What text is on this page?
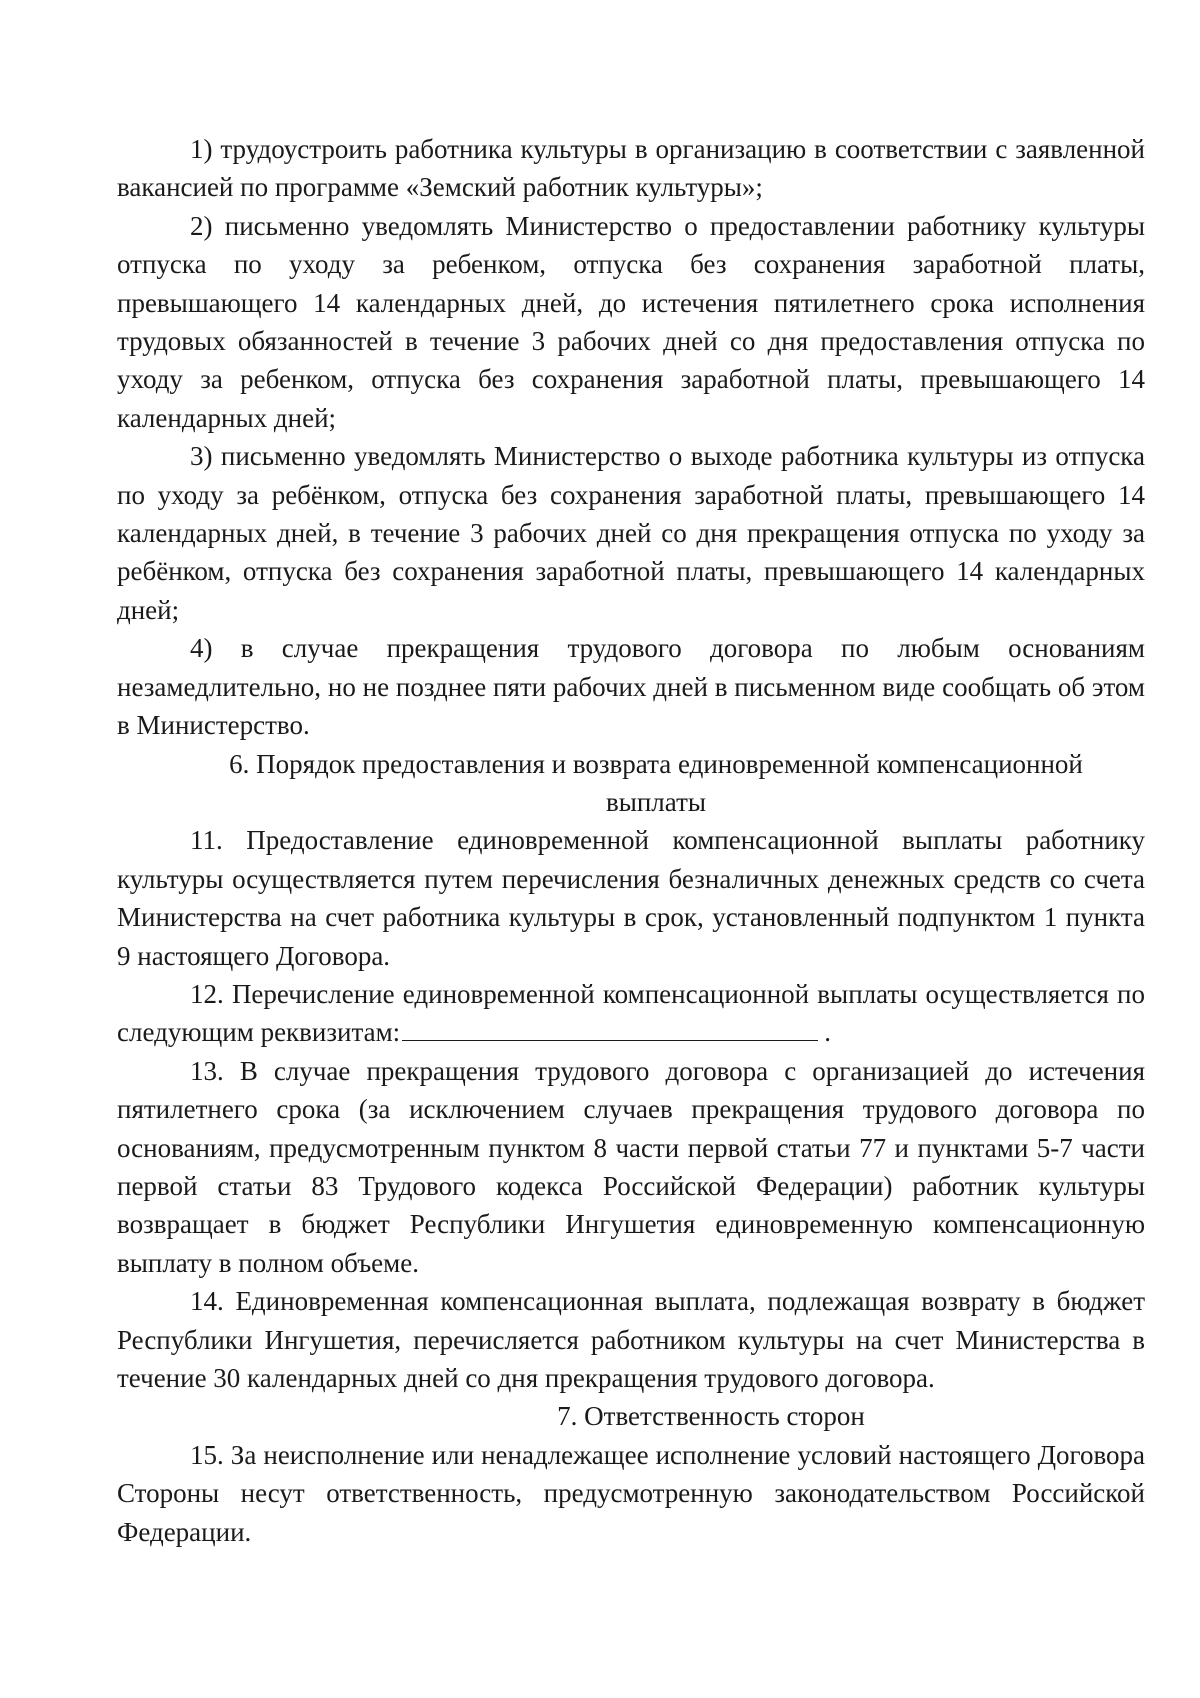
1) трудоустроить работника культуры в организацию в соответствии с заявленной вакансией по программе «Земский работник культуры»;

2) письменно уведомлять Министерство о предоставлении работнику культуры отпуска по уходу за ребенком, отпуска без сохранения заработной платы, превышающего 14 календарных дней, до истечения пятилетнего срока исполнения трудовых обязанностей в течение 3 рабочих дней со дня предоставления отпуска по уходу за ребенком, отпуска без сохранения заработной платы, превышающего 14 календарных дней;

3) письменно уведомлять Министерство о выходе работника культуры из отпуска по уходу за ребёнком, отпуска без сохранения заработной платы, превышающего 14 календарных дней, в течение 3 рабочих дней со дня прекращения отпуска по уходу за ребёнком, отпуска без сохранения заработной платы, превышающего 14 календарных дней;

4) в случае прекращения трудового договора по любым основаниям незамедлительно, но не позднее пяти рабочих дней в письменном виде сообщать об этом в Министерство.

6. Порядок предоставления и возврата единовременной компенсационной выплаты

11. Предоставление единовременной компенсационной выплаты работнику культуры осуществляется путем перечисления безналичных денежных средств со счета Министерства на счет работника культуры в срок, установленный подпунктом 1 пункта 9 настоящего Договора.

12. Перечисление единовременной компенсационной выплаты осуществляется по следующим реквизитам:	.

13. В случае прекращения трудового договора с организацией до истечения пятилетнего срока (за исключением случаев прекращения трудового договора по основаниям, предусмотренным пунктом 8 части первой статьи 77 и пунктами 5-7 части первой статьи 83 Трудового кодекса Российской Федерации) работник культуры возвращает в бюджет Республики Ингушетия единовременную компенсационную выплату в полном объеме.

14. Единовременная компенсационная выплата, подлежащая возврату в бюджет Республики Ингушетия, перечисляется работником культуры на счет Министерства в течение 30 календарных дней со дня прекращения трудового договора.

7. Ответственность сторон

15. За неисполнение или ненадлежащее исполнение условий настоящего Договора Стороны несут ответственность, предусмотренную законодательством Российской Федерации.
